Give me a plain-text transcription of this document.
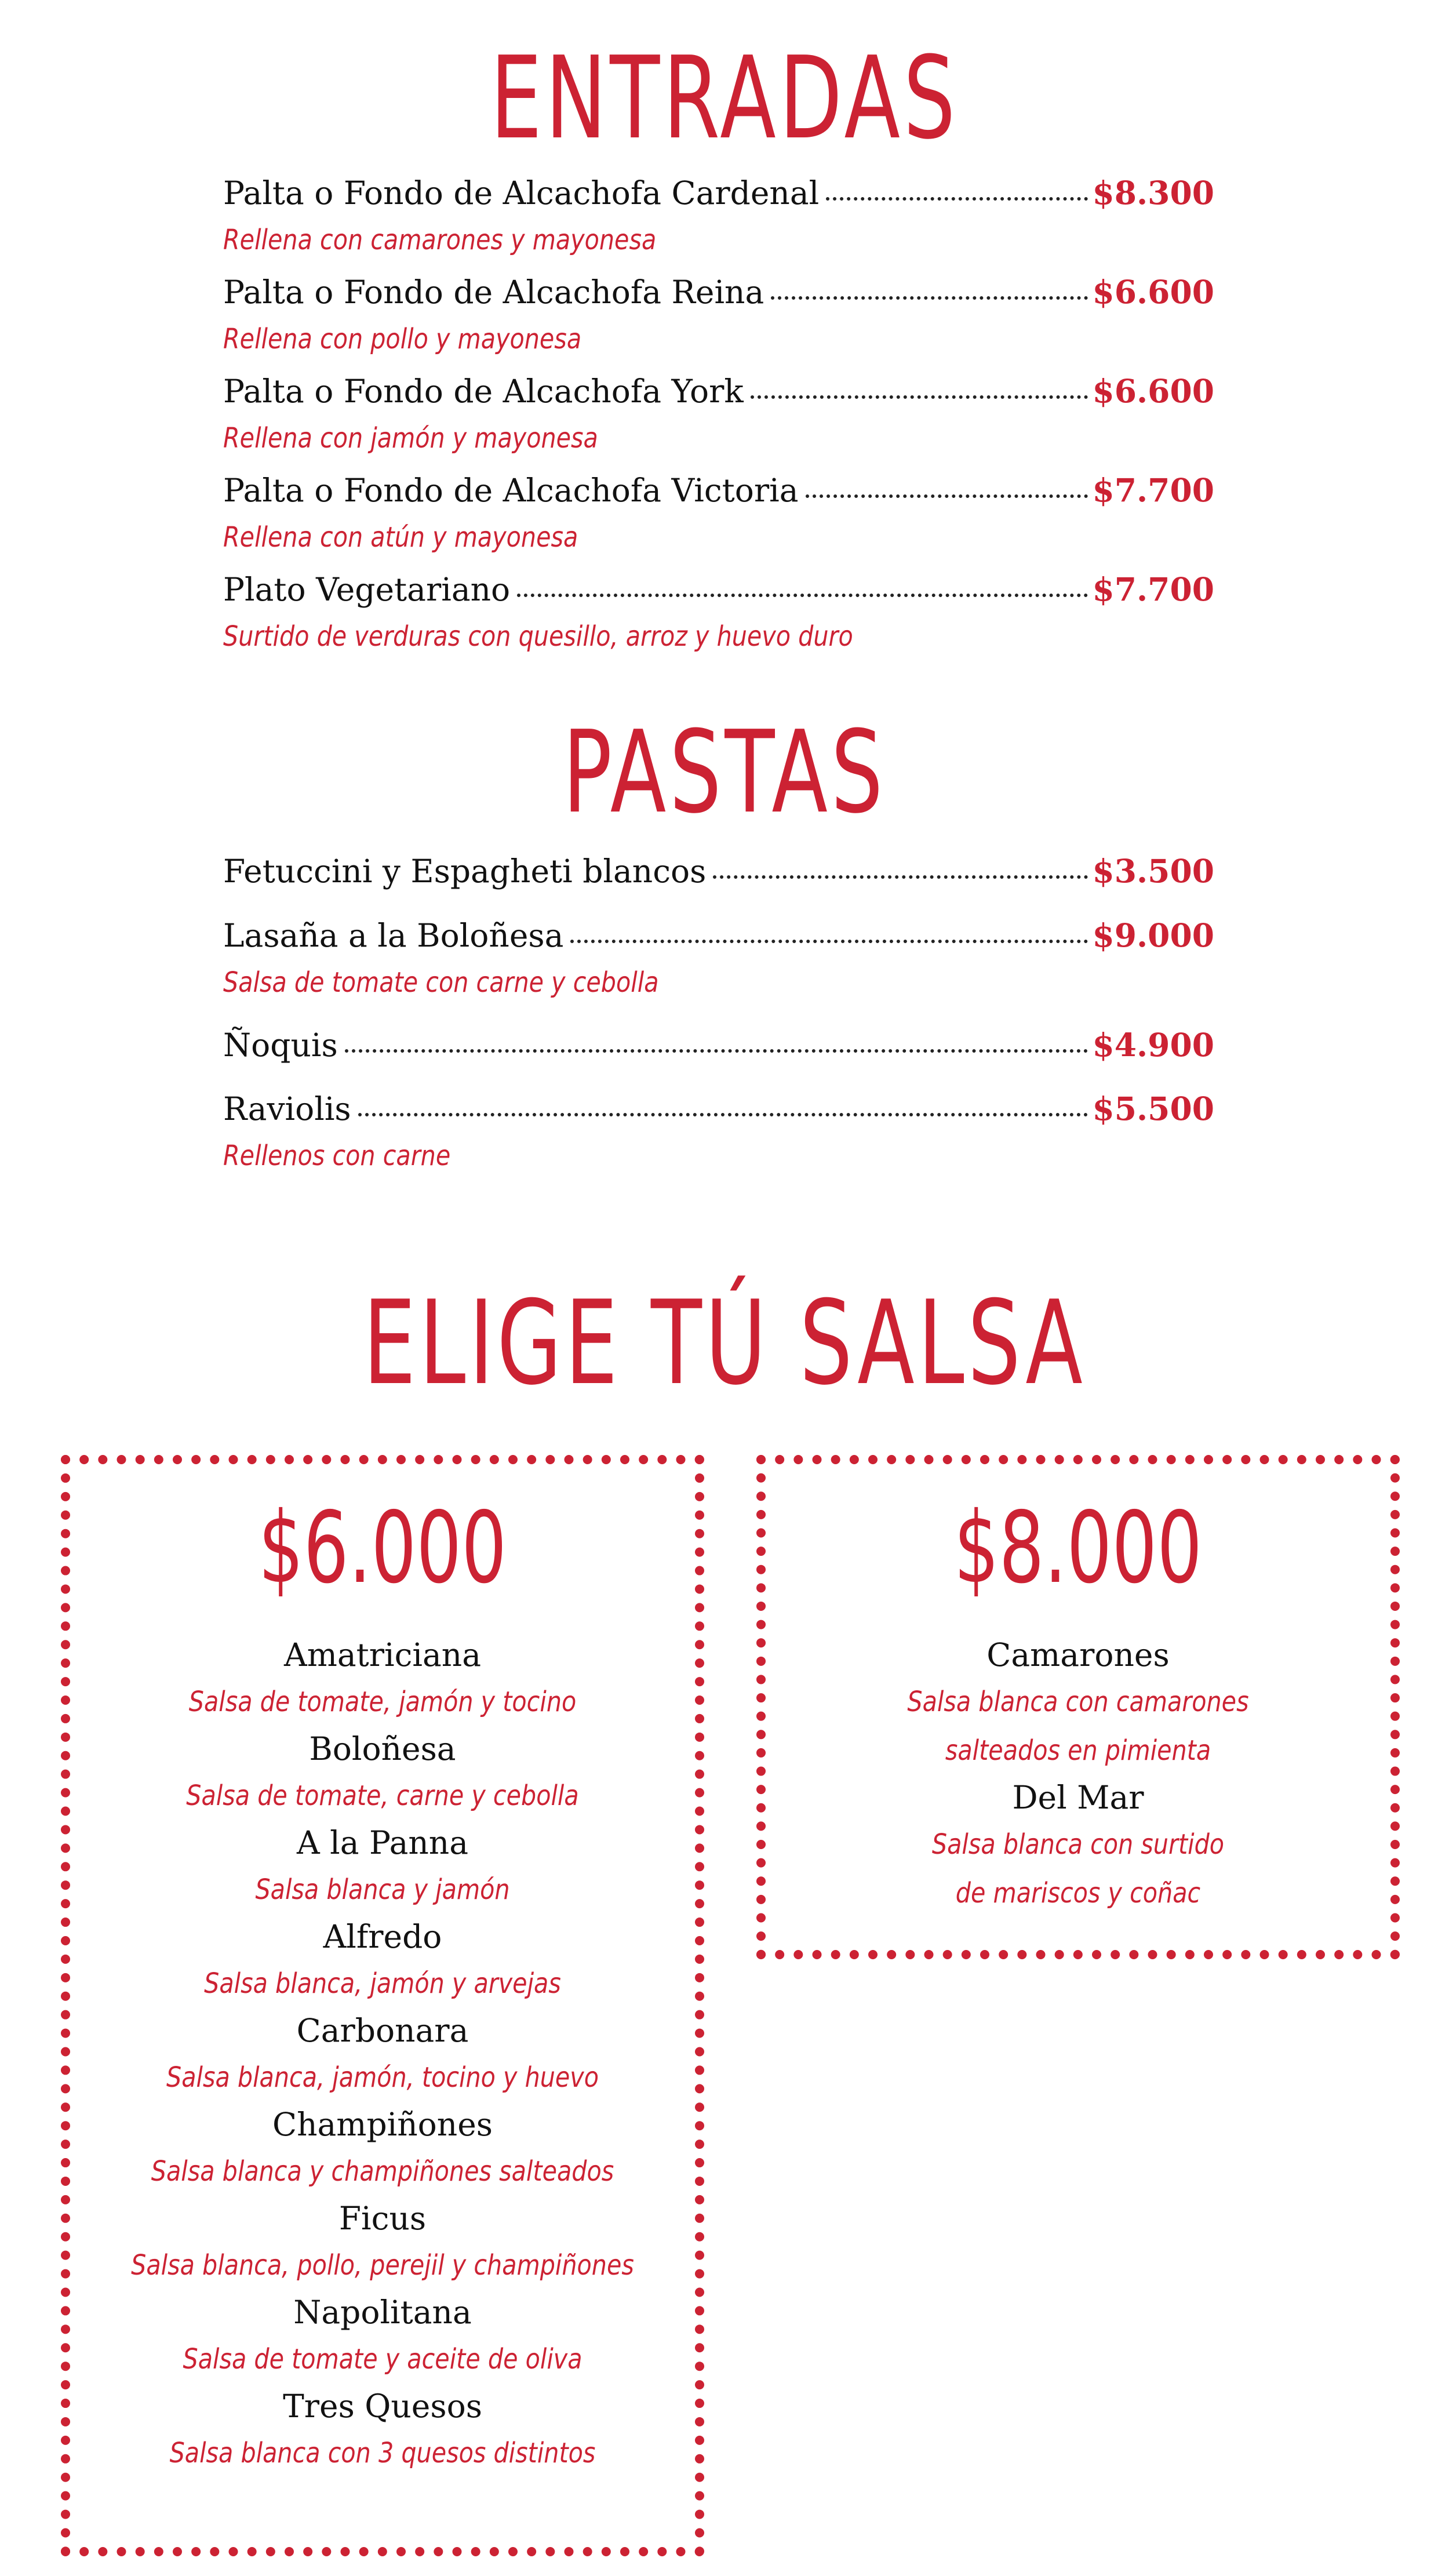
ENTRADAS
Palta o Fondo de Alcachofa Cardenal	$8.300
Rellena con camarones y mayonesa
Palta o Fondo de Alcachofa Reina	$6.600
Rellena con pollo y mayonesa
Palta o Fondo de Alcachofa York	$6.600
Rellena con jamón y mayonesa
Palta o Fondo de Alcachofa Victoria	$7.700
Rellena con atún y mayonesa
Plato Vegetariano	$7.700
Surtido de verduras con quesillo, arroz y huevo duro
PASTAS
Fetuccini y Espagheti blancos	$3.500
Lasaña a la Boloñesa	$9.000
Salsa de tomate con carne y cebolla
Ñoquis	$4.900
Raviolis	$5.500
Rellenos con carne
ELIGE TÚ SALSA
$6.000
Amatriciana
Salsa de tomate, jamón y tocino
Boloñesa
Salsa de tomate, carne y cebolla
A la Panna
Salsa blanca y jamón
Alfredo
Salsa blanca, jamón y arvejas
Carbonara
Salsa blanca, jamón, tocino y huevo
Champiñones
Salsa blanca y champiñones salteados
Ficus
Salsa blanca, pollo, perejil y champiñones
Napolitana
Salsa de tomate y aceite de oliva
Tres Quesos
Salsa blanca con 3 quesos distintos
$8.000
Camarones
Salsa blanca con camarones
salteados en pimienta
Del Mar
Salsa blanca con surtido
de mariscos y coñac
